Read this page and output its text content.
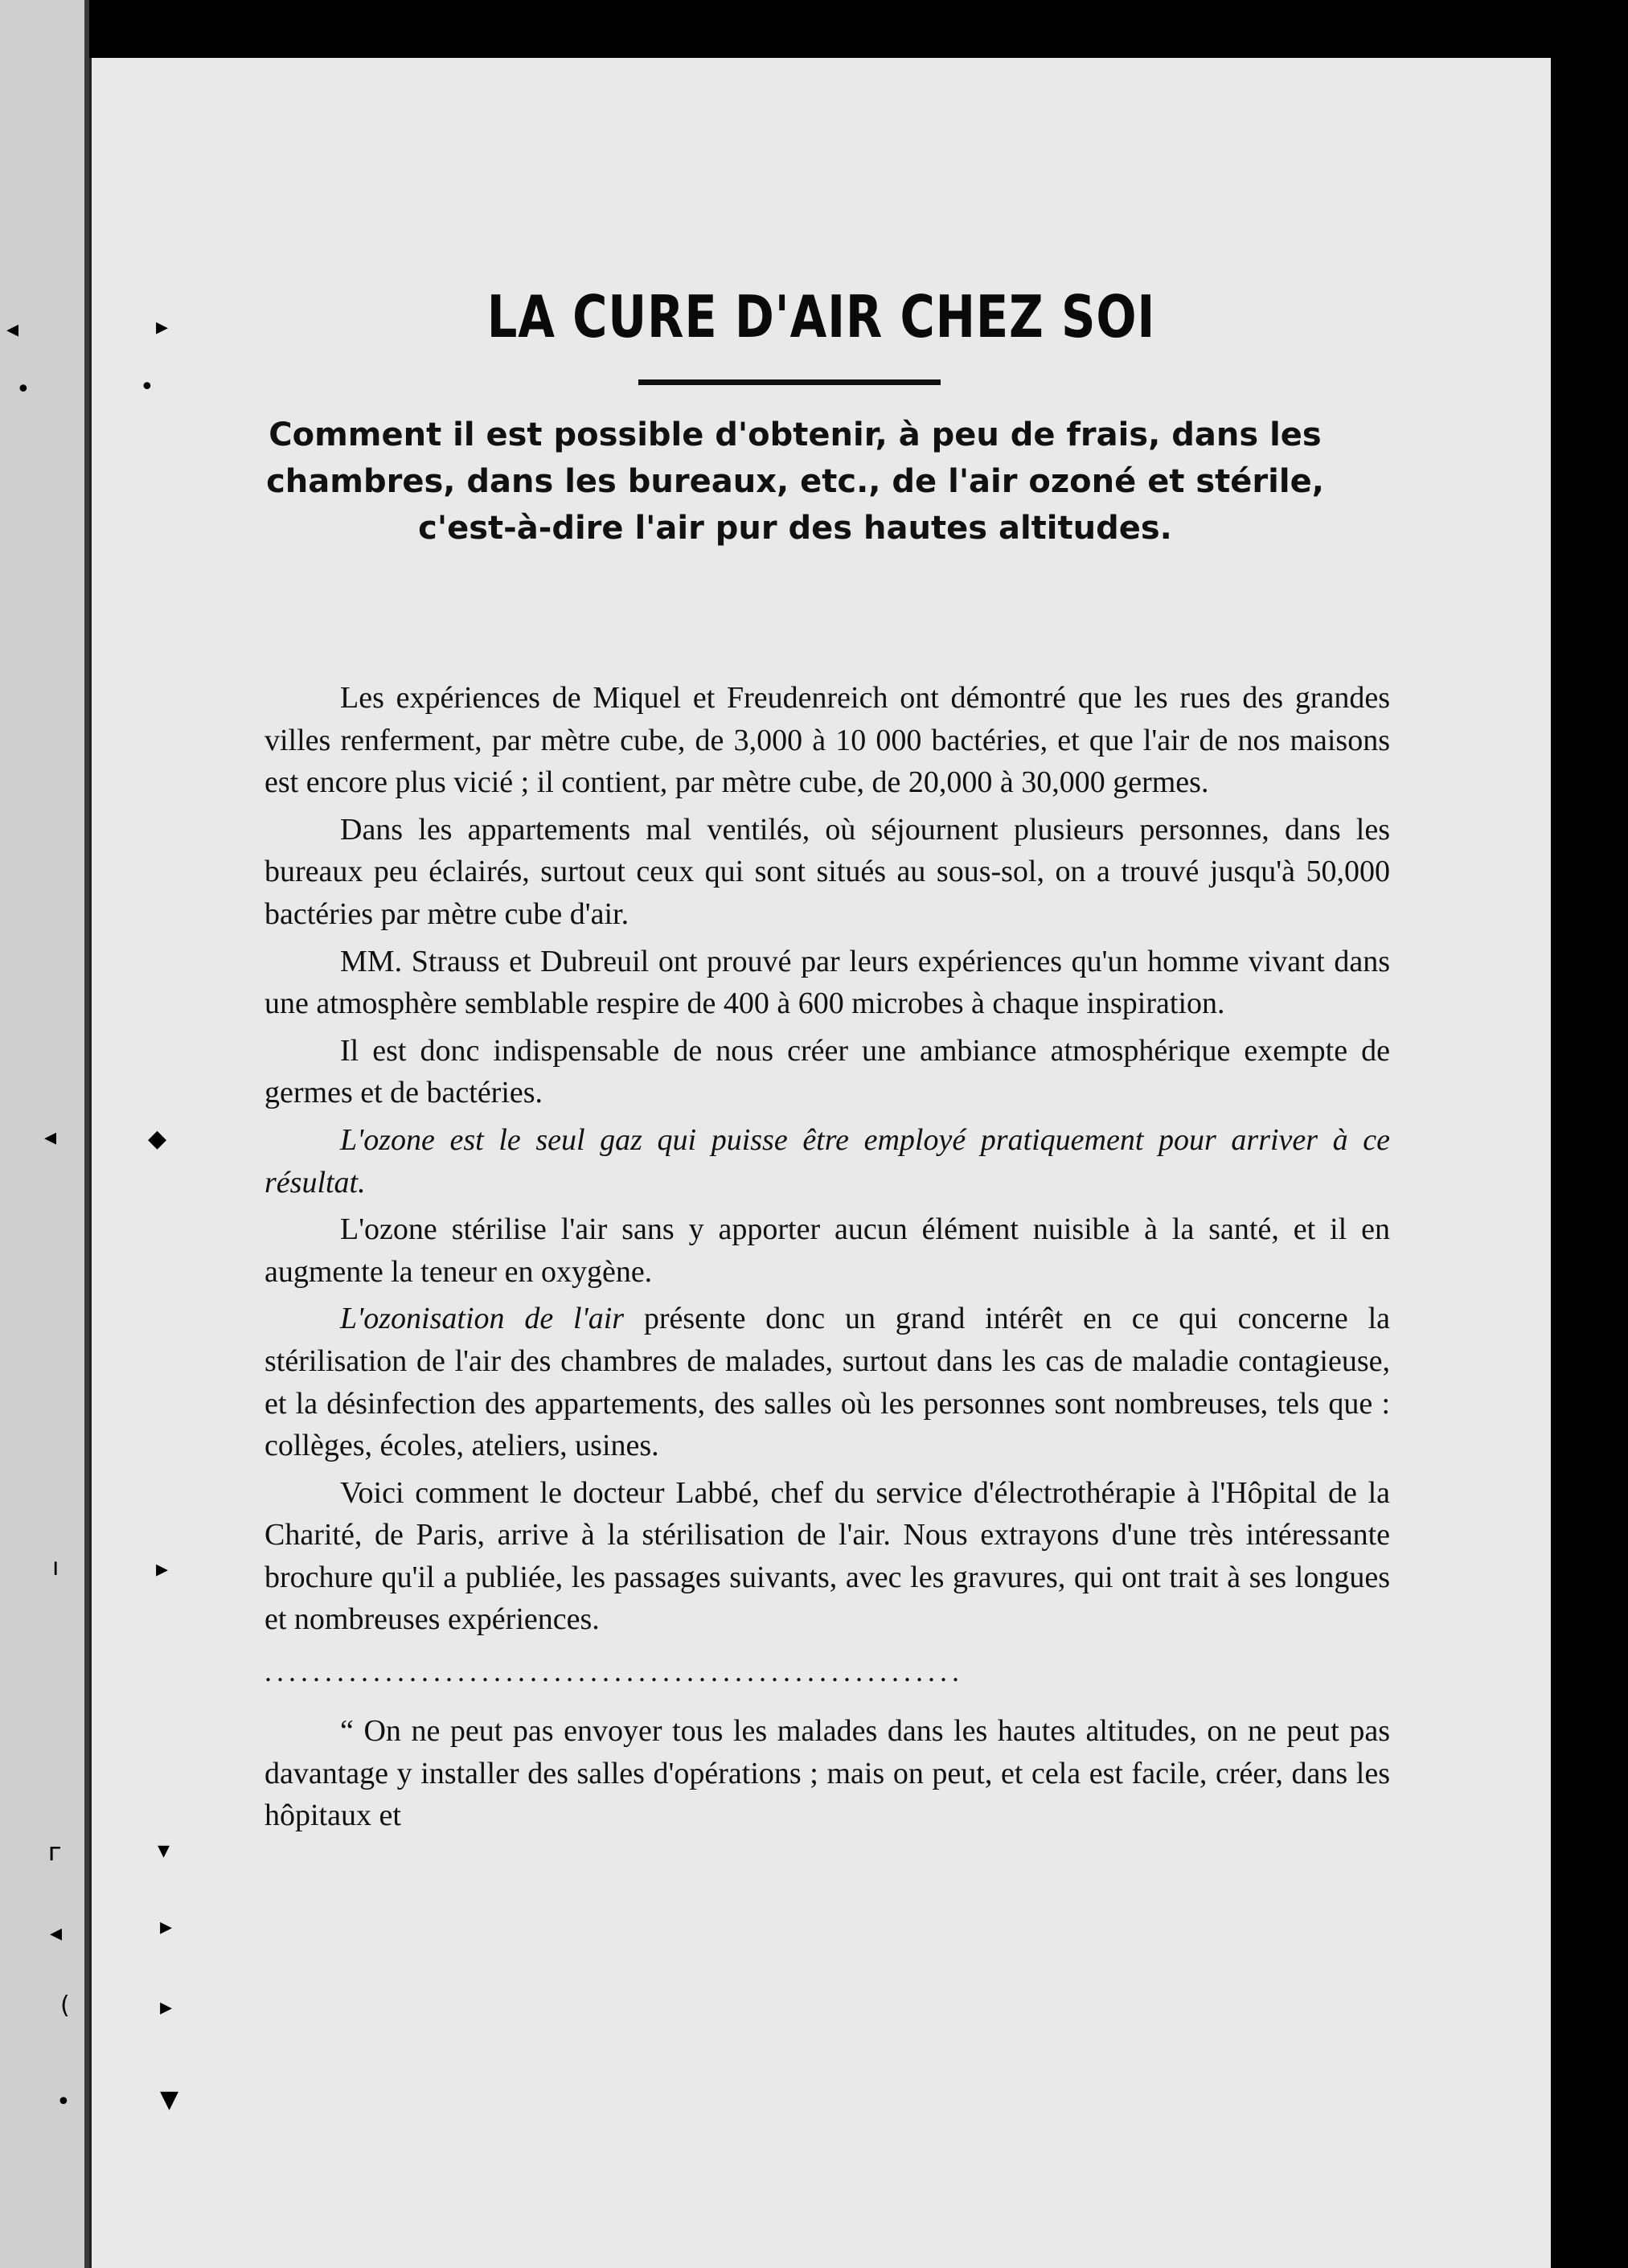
◂
•
◂
ı
ᴦ
◂
(
•
▸
•
◆
▸
▾
▸
▸
▼
LA CURE D'AIR CHEZ SOI

Comment il est possible d'obtenir, à peu de frais, dans les chambres, dans les bureaux, etc., de l'air ozoné et stérile, c'est-à-dire l'air pur des hautes altitudes.

Les expériences de Miquel et Freudenreich ont démontré que les rues des grandes villes renferment, par mètre cube, de 3,000 à 10 000 bactéries, et que l'air de nos maisons est encore plus vicié ; il contient, par mètre cube, de 20,000 à 30,000 germes.

Dans les appartements mal ventilés, où séjournent plusieurs personnes, dans les bureaux peu éclairés, surtout ceux qui sont situés au sous-sol, on a trouvé jusqu'à 50,000 bactéries par mètre cube d'air.

MM. Strauss et Dubreuil ont prouvé par leurs expériences qu'un homme vivant dans une atmosphère semblable respire de 400 à 600 microbes à chaque inspiration.

Il est donc indispensable de nous créer une ambiance atmosphérique exempte de germes et de bactéries.

L'ozone est le seul gaz qui puisse être employé pratiquement pour arriver à ce résultat.

L'ozone stérilise l'air sans y apporter aucun élément nuisible à la santé, et il en augmente la teneur en oxygène.

L'ozonisation de l'air présente donc un grand intérêt en ce qui concerne la stérilisation de l'air des chambres de malades, surtout dans les cas de maladie contagieuse, et la désinfection des appartements, des salles où les personnes sont nombreuses, tels que : collèges, écoles, ateliers, usines.

Voici comment le docteur Labbé, chef du service d'électrothérapie à l'Hôpital de la Charité, de Paris, arrive à la stérilisation de l'air. Nous extrayons d'une très intéressante brochure qu'il a publiée, les passages suivants, avec les gravures, qui ont trait à ses longues et nombreuses expériences.

..........................................................

“ On ne peut pas envoyer tous les malades dans les hautes altitudes, on ne peut pas davantage y installer des salles d'opérations ; mais on peut, et cela est facile, créer, dans les hôpitaux et
